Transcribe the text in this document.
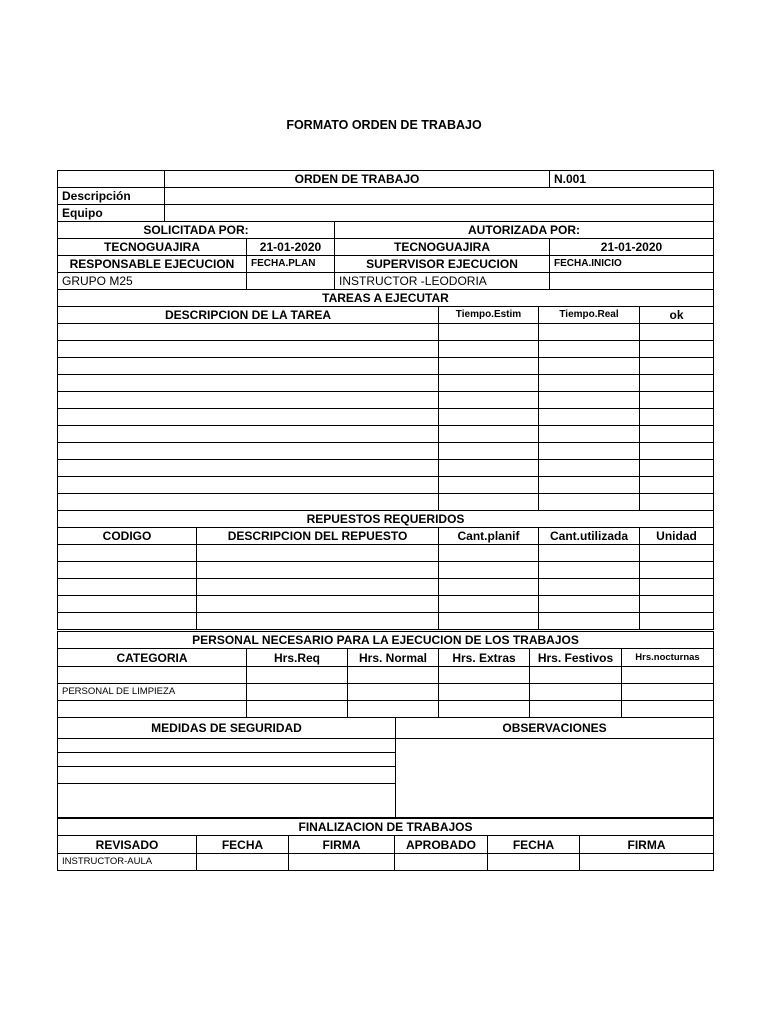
FORMATO ORDEN DE TRABAJO
	ORDEN DE TRABAJO			N.001
Descripción				
Equipo				
SOLICITADA POR:			AUTORIZADA POR:	
TECNOGUAJIRA		21-01-2020	TECNOGUAJIRA	21-01-2020
RESPONSABLE EJECUCION		FECHA.PLAN	SUPERVISOR EJECUCION	FECHA.INICIO
GRUPO M25			INSTRUCTOR -LEODORIA	
TAREAS A EJECUTAR			
DESCRIPCION DE LA TAREA	Tiempo.Estim	Tiempo.Real	ok

REPUESTOS REQUERIDOS				
CODIGO	DESCRIPCION DEL REPUESTO	Cant.planif	Cant.utilizada	Unidad

PERSONAL NECESARIO PARA LA EJECUCION DE LOS TRABAJOS					
CATEGORIA	Hrs.Req	Hrs. Normal	Hrs. Extras	Hrs. Festivos	Hrs.nocturnas

PERSONAL DE LIMPIEZA					

MEDIDAS DE SEGURIDAD	OBSERVACIONES
FINALIZACION DE TRABAJOS					
REVISADO	FECHA	FIRMA	APROBADO	FECHA	FIRMA
INSTRUCTOR-AULA					
